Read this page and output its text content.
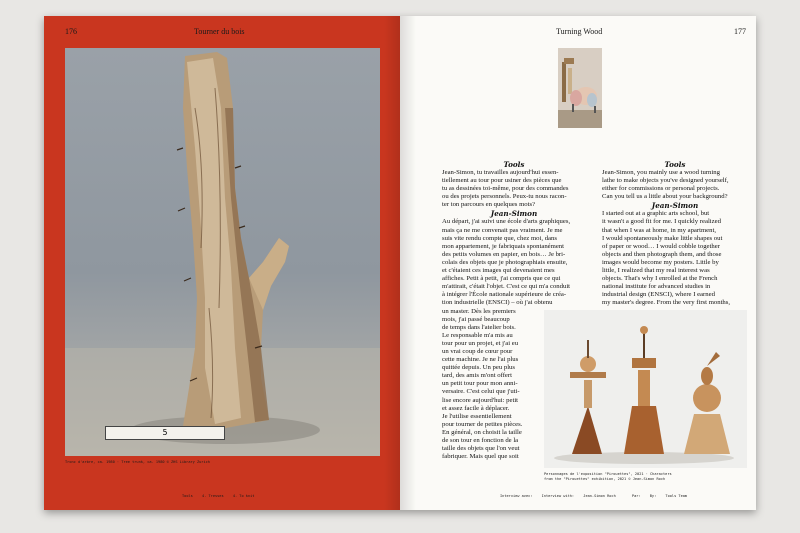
176	Tourner du bois
5
Tronc d'arbre, ca. 1980 · Tree trunk, ca. 1980 © ZHS Library Zurich
Tools	4. Tresses	4. To knit
Turning Wood	177
Tools
Jean-Simon, tu travailles aujourd'hui essen-
tiellement au tour pour usiner des pièces que
tu as dessinées toi-même, pour des commandes
ou des projets personnels. Peux-tu nous racon-
ter ton parcours en quelques mots?
Jean-Simon
Au départ, j'ai suivi une école d'arts graphiques,
mais ça ne me convenait pas vraiment. Je me
suis vite rendu compte que, chez moi, dans
mon appartement, je fabriquais spontanément
des petits volumes en papier, en bois… Je bri-
colais des objets que je photographiais ensuite,
et c'étaient ces images qui devenaient mes
affiches. Petit à petit, j'ai compris que ce qui
m'attirait, c'était l'objet. C'est ce qui m'a conduit
à intégrer l'École nationale supérieure de créa-
tion industrielle (ENSCI) – où j'ai obtenu
un master. Dès les premiers
mois, j'ai passé beaucoup
de temps dans l'atelier bois.
Le responsable m'a mis au
tour pour un projet, et j'ai eu
un vrai coup de cœur pour
cette machine. Je ne l'ai plus
quittée depuis. Un peu plus
tard, des amis m'ont offert
un petit tour pour mon anni-
versaire. C'est celui que j'uti-
lise encore aujourd'hui: petit
et assez facile à déplacer.
Je l'utilise essentiellement
pour tourner de petites pièces.
En général, on choisit la taille
de son tour en fonction de la
taille des objets que l'on veut
fabriquer. Mais quel que soit
Tools
Jean-Simon, you mainly use a wood turning
lathe to make objects you've designed yourself,
either for commissions or personal projects.
Can you tell us a little about your background?
Jean-Simon
I started out at a graphic arts school, but
it wasn't a good fit for me. I quickly realized
that when I was at home, in my apartment,
I would spontaneously make little shapes out
of paper or wood… I would cobble together
objects and then photograph them, and those
images would become my posters. Little by
little, I realized that my real interest was
objects. That's why I enrolled at the French
national institute for advanced studies in
industrial design (ENSCI), where I earned
my master's degree. From the very first months,
Personnages de l'exposition "Pirouettes", 2021 · Characters
from the "Pirouettes" exhibition, 2021 © Jean-Simon Roch
Interview avec:	Interview with:	Jean-Simon Roch	Par:	By:	Tools Team
